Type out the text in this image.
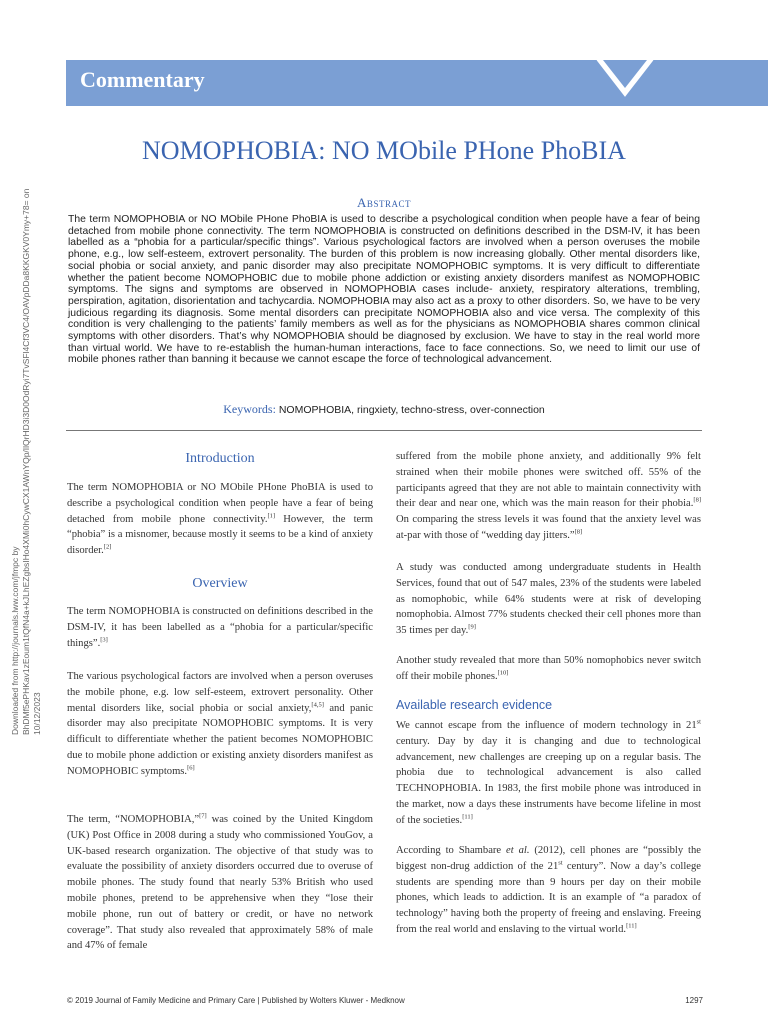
Commentary
Downloaded from http://journals.lww.com/jfmpc by BhDMf5ePHKav1zEoum1tQfN4a+kJLhEZgbsIHo4XMi0hCywCX1AWnYQp/IlQrHD3i3D0OdRyi7TvSFl4Cf3VC4/OAVpDDa8KKGKV0Ymy+78= on 10/12/2023
NOMOPHOBIA: NO MObile PHone PhoBIA
Abstract
The term NOMOPHOBIA or NO MObile PHone PhoBIA is used to describe a psychological condition when people have a fear of being detached from mobile phone connectivity. The term NOMOPHOBIA is constructed on definitions described in the DSM-IV, it has been labelled as a “phobia for a particular/specific things”. Various psychological factors are involved when a person overuses the mobile phone, e.g., low self-esteem, extrovert personality. The burden of this problem is now increasing globally. Other mental disorders like, social phobia or social anxiety, and panic disorder may also precipitate NOMOPHOBIC symptoms. It is very difficult to differentiate whether the patient become NOMOPHOBIC due to mobile phone addiction or existing anxiety disorders manifest as NOMOPHOBIC symptoms. The signs and symptoms are observed in NOMOPHOBIA cases include- anxiety, respiratory alterations, trembling, perspiration, agitation, disorientation and tachycardia. NOMOPHOBIA may also act as a proxy to other disorders. So, we have to be very judicious regarding its diagnosis. Some mental disorders can precipitate NOMOPHOBIA also and vice versa. The complexity of this condition is very challenging to the patients’ family members as well as for the physicians as NOMOPHOBIA shares common clinical symptoms with other disorders. That’s why NOMOPHOBIA should be diagnosed by exclusion. We have to stay in the real world more than virtual world. We have to re-establish the human-human interactions, face to face connections. So, we need to limit our use of mobile phones rather than banning it because we cannot escape the force of technological advancement.
Keywords: NOMOPHOBIA, ringxiety, techno-stress, over-connection
Introduction

The term NOMOPHOBIA or NO MObile PHone PhoBIA is used to describe a psychological condition when people have a fear of being detached from mobile phone connectivity.[1] However, the term “phobia” is a misnomer, because mostly it seems to be a kind of anxiety disorder.[2]

Overview

The term NOMOPHOBIA is constructed on definitions described in the DSM-IV, it has been labelled as a “phobia for a particular/specific things”.[3]

The various psychological factors are involved when a person overuses the mobile phone, e.g. low self-esteem, extrovert personality. Other mental disorders like, social phobia or social anxiety,[4,5] and panic disorder may also precipitate NOMOPHOBIC symptoms. It is very difficult to differentiate whether the patient becomes NOMOPHOBIC due to mobile phone addiction or existing anxiety disorders manifest as NOMOPHOBIC symptoms.[6]

The term, “NOMOPHOBIA,”[7] was coined by the United Kingdom (UK) Post Office in 2008 during a study who commissioned YouGov, a UK-based research organization. The objective of that study was to evaluate the possibility of anxiety disorders occurred due to overuse of mobile phones. The study found that nearly 53% British who used mobile phones, pretend to be apprehensive when they “lose their mobile phone, run out of battery or credit, or have no network coverage”. That study also revealed that approximately 58% of male and 47% of female

suffered from the mobile phone anxiety, and additionally 9% felt strained when their mobile phones were switched off. 55% of the participants agreed that they are not able to maintain connectivity with their dear and near one, which was the main reason for their phobia.[8] On comparing the stress levels it was found that the anxiety level was at-par with those of “wedding day jitters.”[8]

A study was conducted among undergraduate students in Health Services, found that out of 547 males, 23% of the students were labeled as nomophobic, while 64% students were at risk of developing nomophobia. Almost 77% students checked their cell phones more than 35 times per day.[9]

Another study revealed that more than 50% nomophobics never switch off their mobile phones.[10]

Available research evidence

We cannot escape from the influence of modern technology in 21st century. Day by day it is changing and due to technological advancement, new challenges are creeping up on a regular basis. The phobia due to technological advancement is also called TECHNOPHOBIA. In 1983, the first mobile phone was introduced in the market, now a days these instruments have become lifeline in most of the societies.[11]

According to Shambare et al. (2012), cell phones are “possibly the biggest non-drug addiction of the 21st century”. Now a day’s college students are spending more than 9 hours per day on their mobile phones, which leads to addiction. It is an example of “a paradox of technology” having both the property of freeing and enslaving. Freeing from the real world and enslaving to the virtual world.[11]

© 2019 Journal of Family Medicine and Primary Care | Published by Wolters Kluwer - Medknow	1297
